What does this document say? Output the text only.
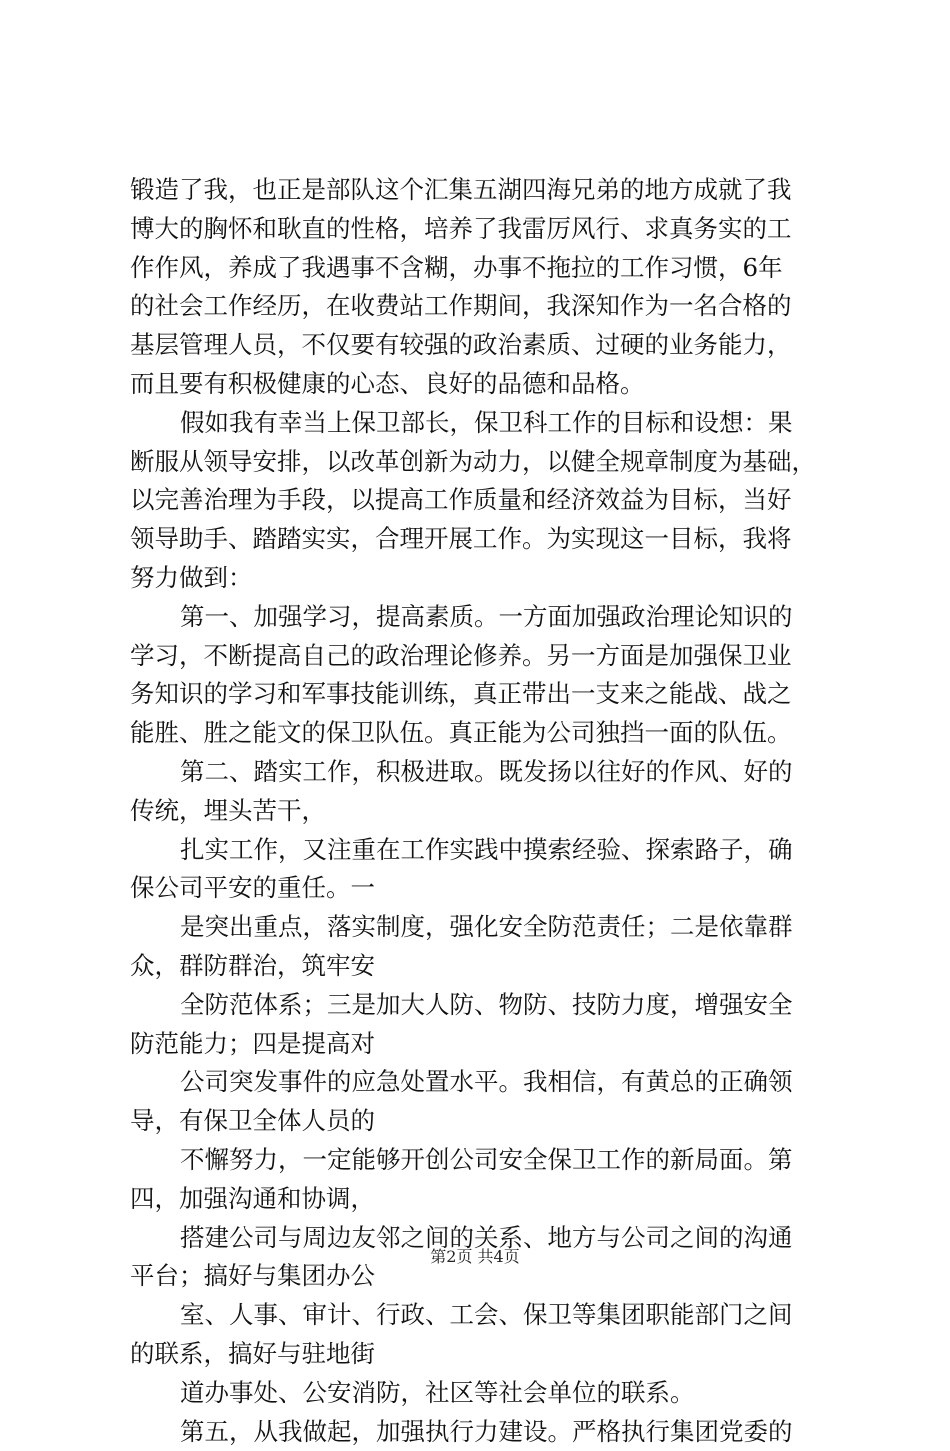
锻造了我，也正是部队这个汇集五湖四海兄弟的地方成就了我
博大的胸怀和耿直的性格，培养了我雷厉风行、求真务实的工
作作风，养成了我遇事不含糊，办事不拖拉的工作习惯，6年
的社会工作经历，在收费站工作期间，我深知作为一名合格的
基层管理人员，不仅要有较强的政治素质、过硬的业务能力，
而且要有积极健康的心态、良好的品德和品格。
假如我有幸当上保卫部长，保卫科工作的目标和设想：果
断服从领导安排，以改革创新为动力，以健全规章制度为基础，
以完善治理为手段，以提高工作质量和经济效益为目标，当好
领导助手、踏踏实实，合理开展工作。为实现这一目标，我将
努力做到：
第一、加强学习，提高素质。一方面加强政治理论知识的
学习，不断提高自己的政治理论修养。另一方面是加强保卫业
务知识的学习和军事技能训练，真正带出一支来之能战、战之
能胜、胜之能文的保卫队伍。真正能为公司独挡一面的队伍。
第二、踏实工作，积极进取。既发扬以往好的作风、好的
传统，埋头苦干，
扎实工作，又注重在工作实践中摸索经验、探索路子，确
保公司平安的重任。一
是突出重点，落实制度，强化安全防范责任；二是依靠群
众，群防群治，筑牢安
全防范体系；三是加大人防、物防、技防力度，增强安全
防范能力；四是提高对
公司突发事件的应急处置水平。我相信，有黄总的正确领
导，有保卫全体人员的
不懈努力，一定能够开创公司安全保卫工作的新局面。第
四，加强沟通和协调，
搭建公司与周边友邻之间的关系、地方与公司之间的沟通
平台；搞好与集团办公
室、人事、审计、行政、工会、保卫等集团职能部门之间
的联系，搞好与驻地街
道办事处、公安消防，社区等社会单位的联系。
第五，从我做起，加强执行力建设。严格执行集团党委的
第2页 共4页
